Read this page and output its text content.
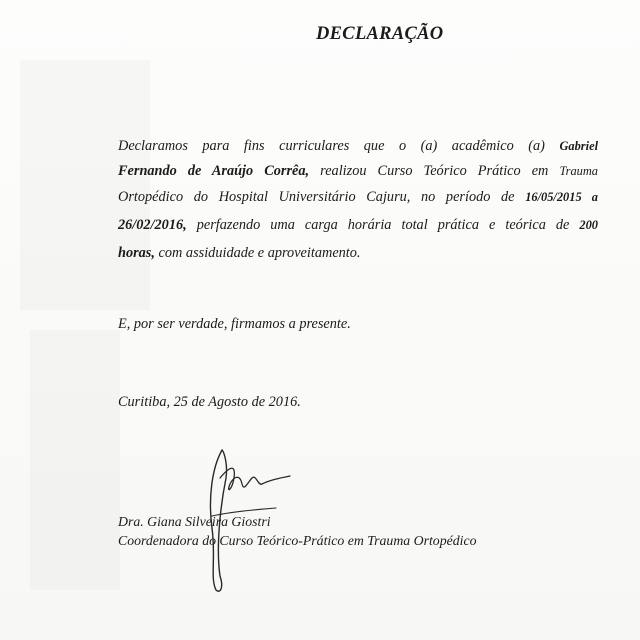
DECLARAÇÃO
Declaramos para fins curriculares que o (a) acadêmico (a) Gabriel
Fernando de Araújo Corrêa, realizou Curso Teórico Prático em Trauma
Ortopédico do Hospital Universitário Cajuru, no período de 16/05/2015 a
26/02/2016, perfazendo uma carga horária total prática e teórica de 200
horas, com assiduidade e aproveitamento.
E, por ser verdade, firmamos a presente.
Curitiba, 25 de Agosto de 2016.
Dra. Giana Silveira Giostri
Coordenadora do Curso Teórico-Prático em Trauma Ortopédico
